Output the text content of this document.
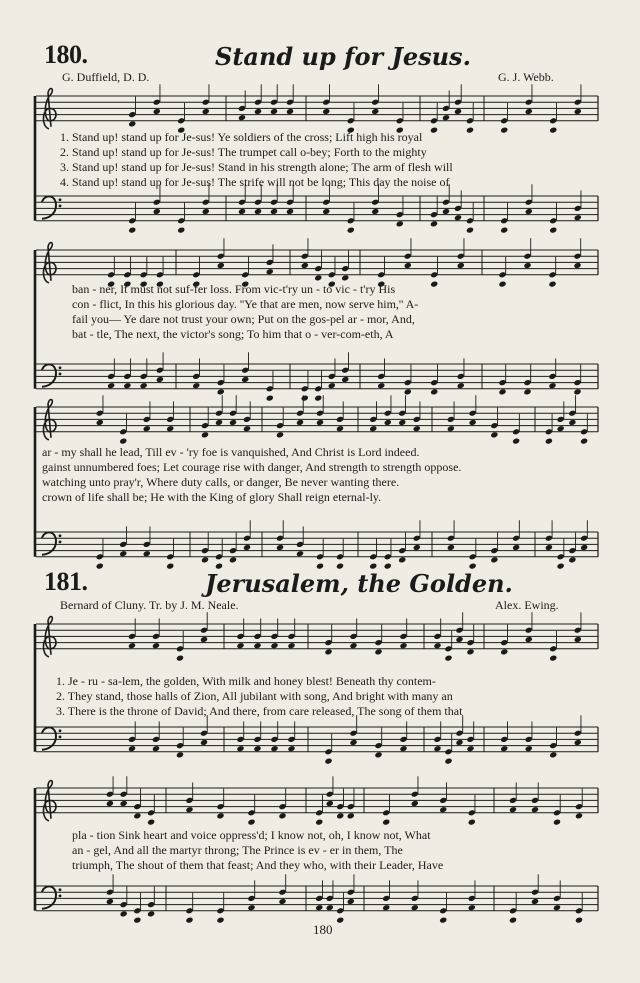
180.	Stand up for Jesus.
G. Duffield, D. D.	G. J. Webb.
181.	Jerusalem, the Golden.
Bernard of Cluny. Tr. by J. M. Neale.	Alex. Ewing.
1. Stand up! stand up for Je-sus! Ye soldiers of the cross; Lift high his royal
2. Stand up! stand up for Je-sus! The trumpet call o-bey; Forth to the mighty
3. Stand up! stand up for Je-sus! Stand in his strength alone; The arm of flesh will
4. Stand up! stand up for Je-sus! The strife will not be long; This day the noise of
ban - ner, It must not suf-fer loss. From vic-t'ry un - to vic - t'ry His
con - flict, In this his glorious day. ''Ye that are men, now serve him,'' A-
fail you— Ye dare not trust your own; Put on the gos-pel ar - mor, And,
bat - tle, The next, the victor's song; To him that o - ver-com-eth, A
ar - my shall he lead, Till ev - 'ry foe is vanquished, And Christ is Lord indeed.
gainst unnumbered foes; Let courage rise with danger, And strength to strength oppose.
watching unto pray'r, Where duty calls, or danger, Be never wanting there.
crown of life shall be; He with the King of glory Shall reign eternal-ly.
1. Je - ru - sa-lem, the golden, With milk and honey blest! Beneath thy contem-
2. They stand, those halls of Zion, All jubilant with song, And bright with many an
3. There is the throne of David; And there, from care released, The song of them that
pla - tion Sink heart and voice oppress'd; I know not, oh, I know not, What
an - gel, And all the martyr throng; The Prince is ev - er in them, The
triumph, The shout of them that feast; And they who, with their Leader, Have
180
